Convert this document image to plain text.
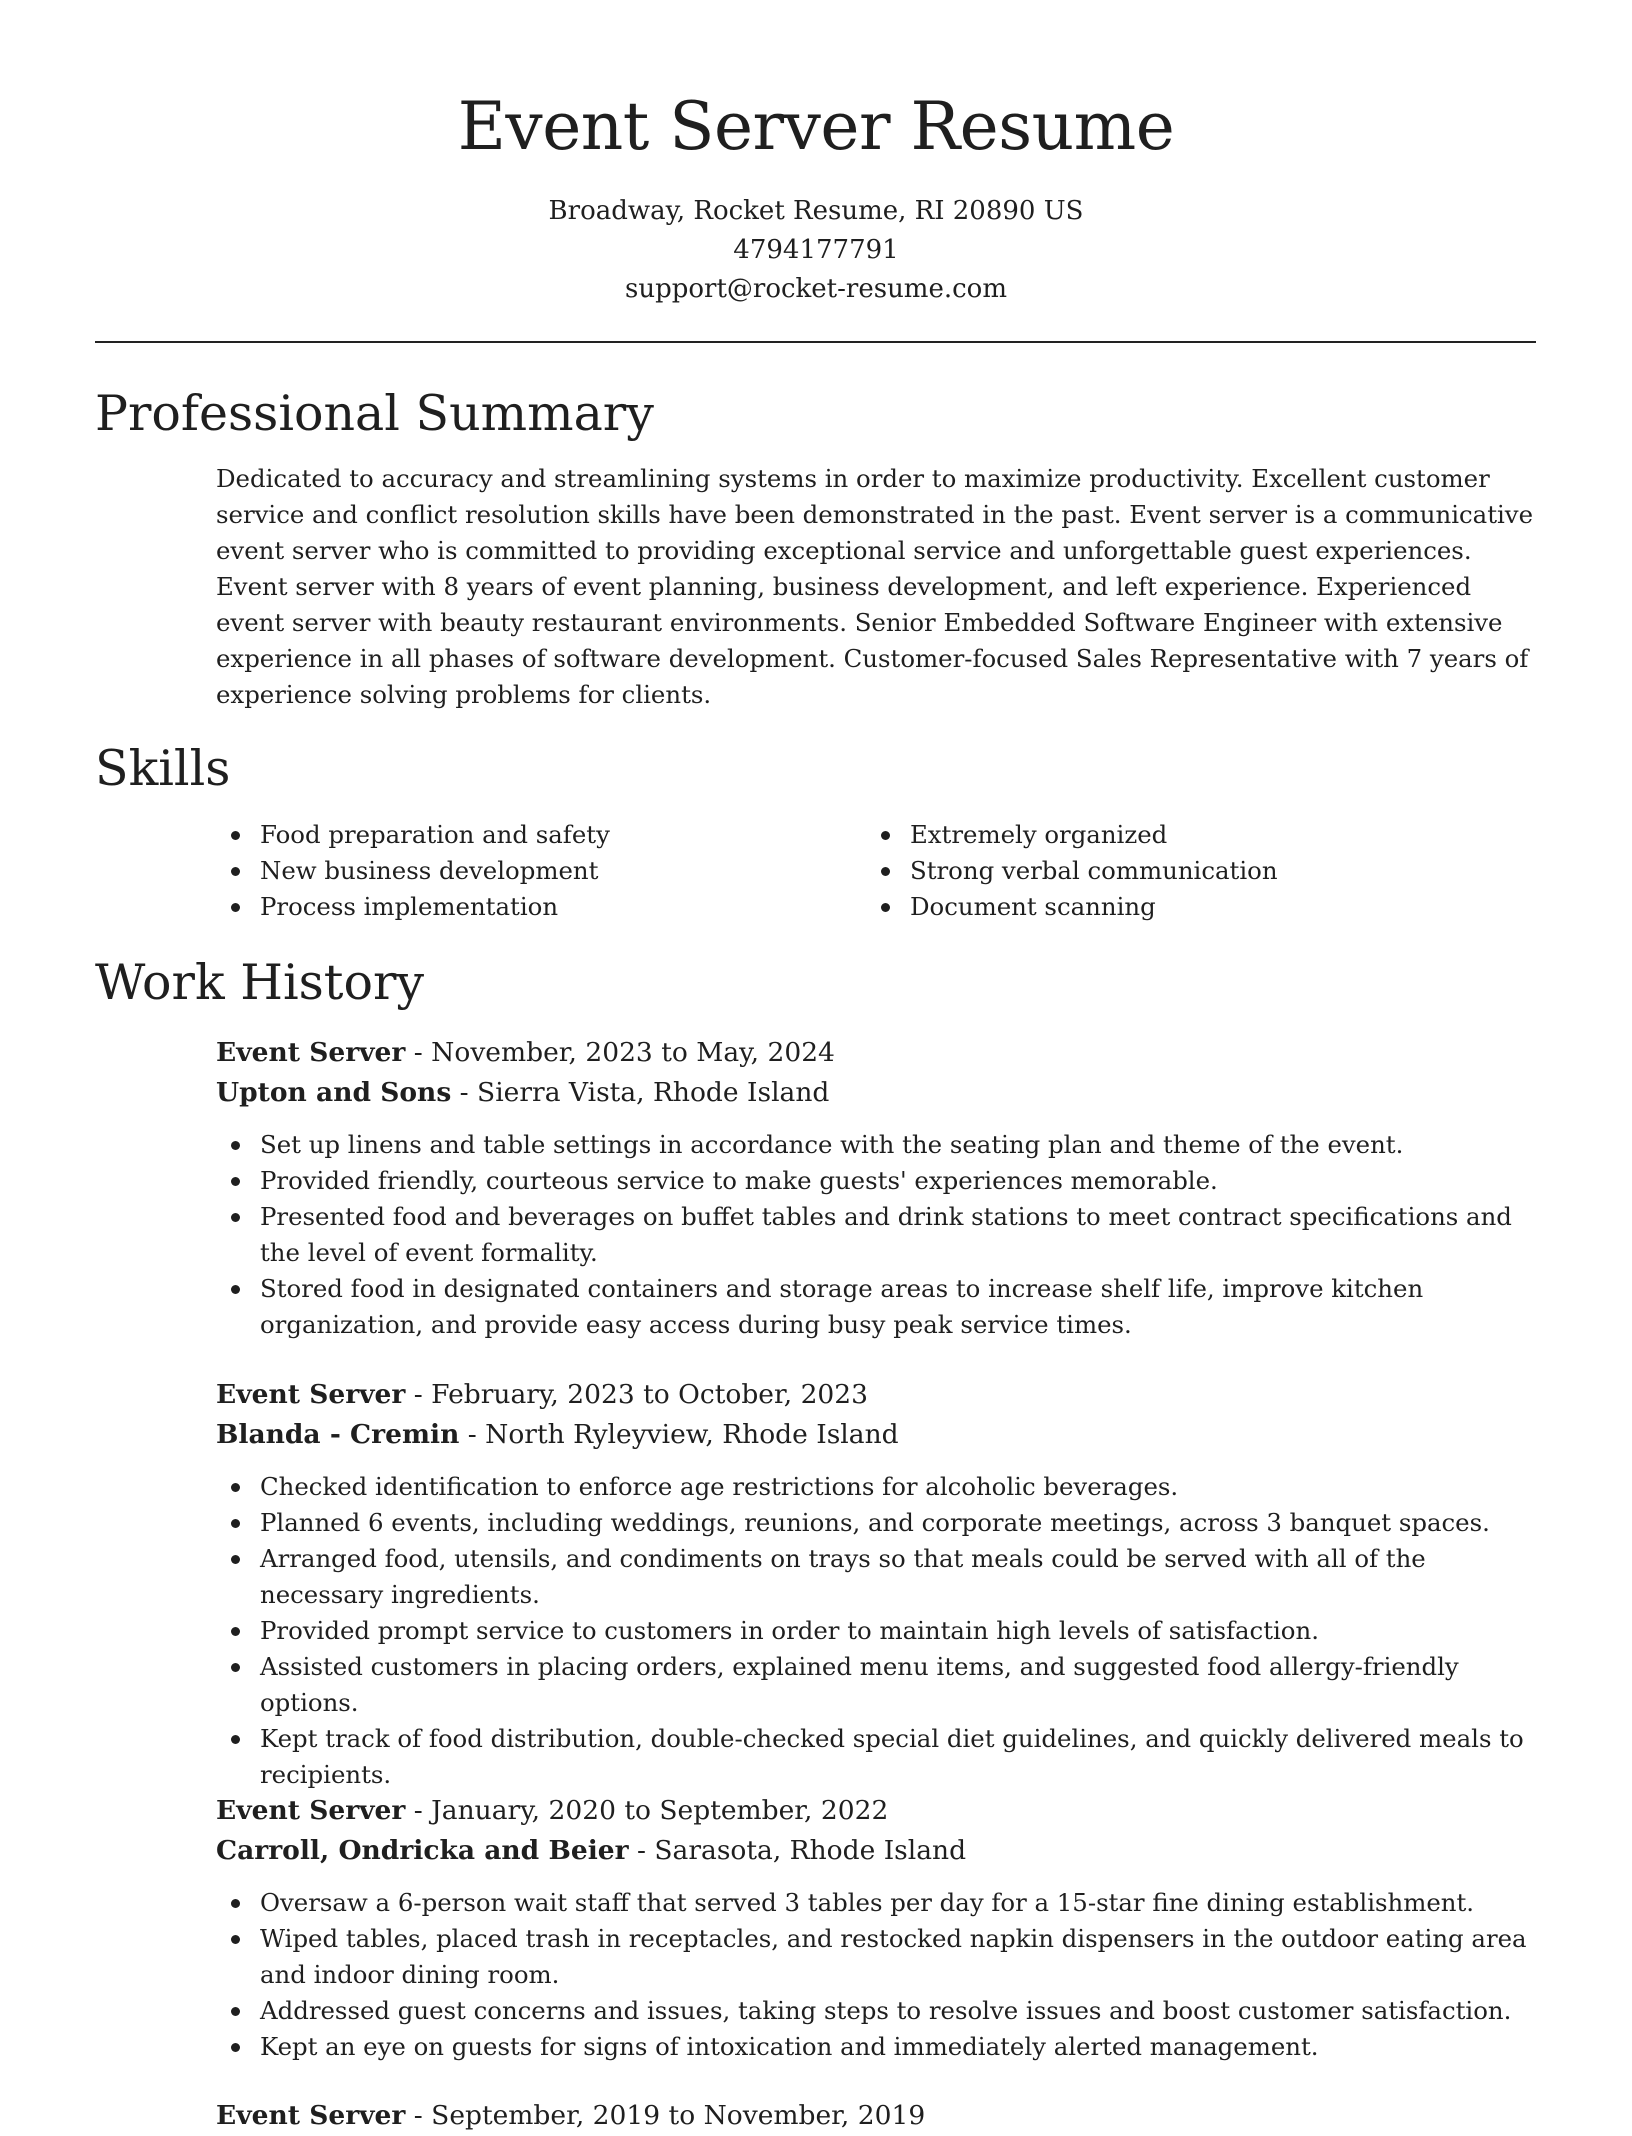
Event Server Resume

Broadway, Rocket Resume, RI 20890 US

4794177791

support@rocket-resume.com

Professional Summary

Dedicated to accuracy and streamlining systems in order to maximize productivity. Excellent customer service and conflict resolution skills have been demonstrated in the past. Event server is a communicative event server who is committed to providing exceptional service and unforgettable guest experiences. Event server with 8 years of event planning, business development, and left experience. Experienced event server with beauty restaurant environments. Senior Embedded Software Engineer with extensive experience in all phases of software development. Customer-focused Sales Representative with 7 years of experience solving problems for clients.

Skills
Food preparation and safety	Extremely organized
New business development	Strong verbal communication
Process implementation	Document scanning
Work History

Event Server - November, 2023 to May, 2024

Upton and Sons - Sierra Vista, Rhode Island

Set up linens and table settings in accordance with the seating plan and theme of the event.
Provided friendly, courteous service to make guests' experiences memorable.
Presented food and beverages on buffet tables and drink stations to meet contract specifications and the level of event formality.
Stored food in designated containers and storage areas to increase shelf life, improve kitchen organization, and provide easy access during busy peak service times.

Event Server - February, 2023 to October, 2023

Blanda - Cremin - North Ryleyview, Rhode Island

Checked identification to enforce age restrictions for alcoholic beverages.
Planned 6 events, including weddings, reunions, and corporate meetings, across 3 banquet spaces.
Arranged food, utensils, and condiments on trays so that meals could be served with all of the necessary ingredients.
Provided prompt service to customers in order to maintain high levels of satisfaction.
Assisted customers in placing orders, explained menu items, and suggested food allergy-friendly options.
Kept track of food distribution, double-checked special diet guidelines, and quickly delivered meals to recipients.

Event Server - January, 2020 to September, 2022

Carroll, Ondricka and Beier - Sarasota, Rhode Island

Oversaw a 6-person wait staff that served 3 tables per day for a 15-star fine dining establishment.
Wiped tables, placed trash in receptacles, and restocked napkin dispensers in the outdoor eating area and indoor dining room.
Addressed guest concerns and issues, taking steps to resolve issues and boost customer satisfaction.
Kept an eye on guests for signs of intoxication and immediately alerted management.

Event Server - September, 2019 to November, 2019
